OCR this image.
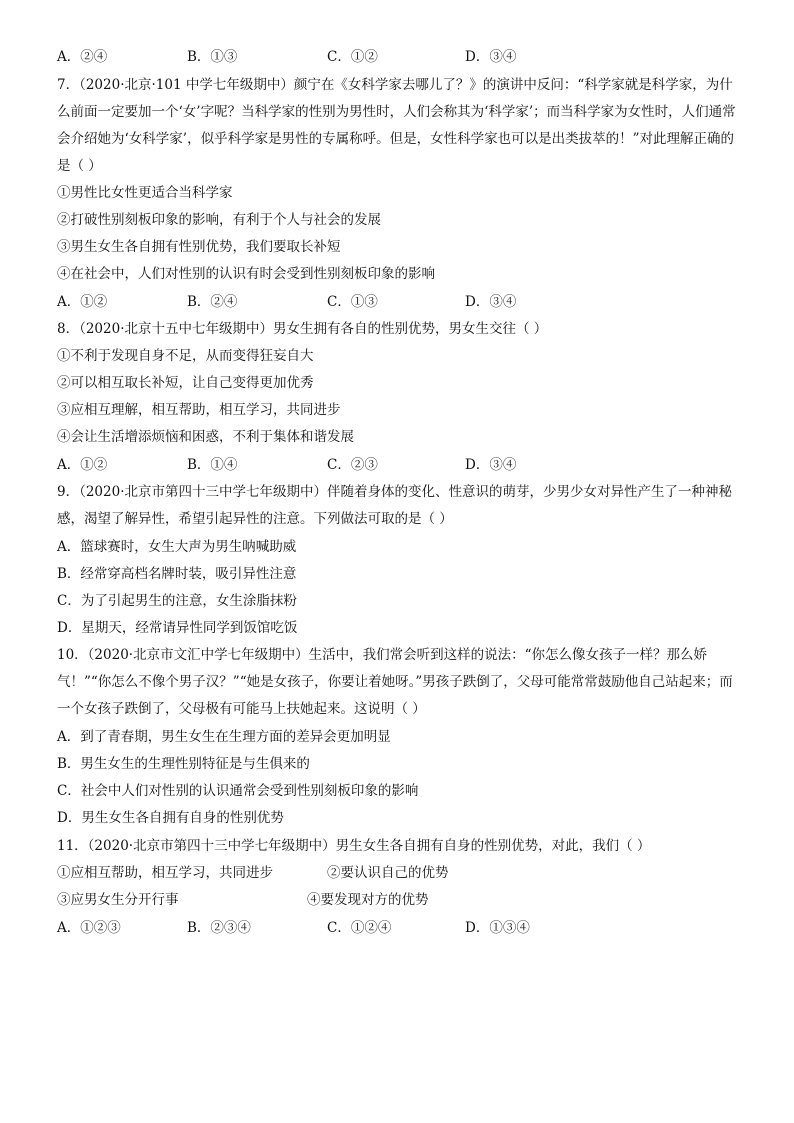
A．②④	B．①③	C．①②	D．③④
7．（2020·北京·101 中学七年级期中）颜宁在《女科学家去哪儿了？》的演讲中反问：“科学家就是科学家，为什
么前面一定要加一个‘女’字呢？当科学家的性别为男性时，人们会称其为‘科学家’；而当科学家为女性时，人们通常
会介绍她为‘女科学家’，似乎科学家是男性的专属称呼。但是，女性科学家也可以是出类拔萃的！”对此理解正确的
是（ ）
①男性比女性更适合当科学家
②打破性别刻板印象的影响，有利于个人与社会的发展
③男生女生各自拥有性别优势，我们要取长补短
④在社会中，人们对性别的认识有时会受到性别刻板印象的影响
A．①②	B．②④	C．①③	D．③④
8．（2020·北京十五中七年级期中）男女生拥有各自的性别优势，男女生交往（ ）
①不利于发现自身不足，从而变得狂妄自大
②可以相互取长补短，让自己变得更加优秀
③应相互理解，相互帮助，相互学习，共同进步
④会让生活增添烦恼和困惑，不利于集体和谐发展
A．①②	B．①④	C．②③	D．③④
9．（2020·北京市第四十三中学七年级期中）伴随着身体的变化、性意识的萌芽，少男少女对异性产生了一种神秘
感，渴望了解异性，希望引起异性的注意。下列做法可取的是（ ）
A．篮球赛时，女生大声为男生呐喊助威
B．经常穿高档名牌时装，吸引异性注意
C．为了引起男生的注意，女生涂脂抹粉
D．星期天，经常请异性同学到饭馆吃饭
10．（2020·北京市文汇中学七年级期中）生活中，我们常会听到这样的说法：“你怎么像女孩子一样？那么娇
气！”“你怎么不像个男子汉？”“她是女孩子，你要让着她呀。”男孩子跌倒了，父母可能常常鼓励他自己站起来；而
一个女孩子跌倒了，父母极有可能马上扶她起来。这说明（ ）
A．到了青春期，男生女生在生理方面的差异会更加明显
B．男生女生的生理性别特征是与生俱来的
C．社会中人们对性别的认识通常会受到性别刻板印象的影响
D．男生女生各自拥有自身的性别优势
11．（2020·北京市第四十三中学七年级期中）男生女生各自拥有自身的性别优势，对此，我们（ ）
①应相互帮助，相互学习，共同进步	②要认识自己的优势
③应男女生分开行事	④要发现对方的优势
A．①②③	B．②③④	C．①②④	D．①③④
